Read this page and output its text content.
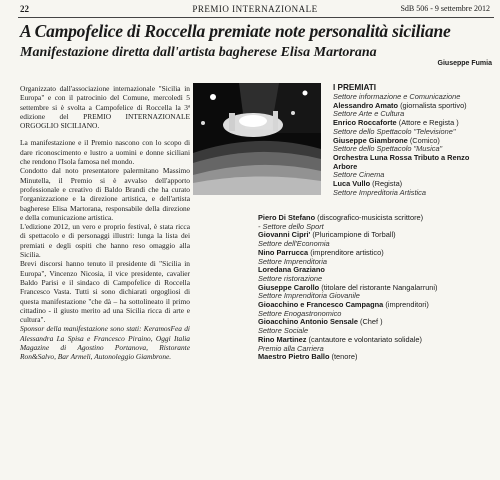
22	PREMIO INTERNAZIONALE	SdB 506 - 9 settembre 2012
A Campofelice di Roccella premiate note personalità siciliane
Manifestazione diretta dall'artista bagherese Elisa Martorana
Giuseppe Fumia

Organizzato dall'associazione internazionale "Sicilia in Europa" e con il patrocinio del Comune, mercoledì 5 settembre si è svolta a Campofelice di Roccella la 3ª edizione del PREMIO INTERNAZIONALE ORGOGLIO SICILIANO.

La manifestazione e il Premio nascono con lo scopo di dare riconoscimento e lustro a uomini e donne siciliani che rendono l'Isola famosa nel mondo.

Condotto dal noto presentatore palermitano Massimo Minutella, il Premio si è avvalso dell'apporto professionale e creativo di Baldo Brandi che ha curato l'organizzazione e la direzione artistica, e dell'artista bagherese Elisa Martorana, responsabile della direzione e della comunicazione artistica.

L'edizione 2012, un vero e proprio festival, è stata ricca di spettacolo e di personaggi illustri: lunga la lista dei premiati e degli ospiti che hanno reso omaggio alla Sicilia.

Brevi discorsi hanno tenuto il presidente di "Sicilia in Europa", Vincenzo Nicosia, il vice presidente, cavalier Baldo Parisi e il sindaco di Campofelice di Roccella Francesco Vasta. Tutti si sono dichiarati orgogliosi di questa manifestazione "che dà – ha sottolineato il primo cittadino - il giusto merito ad una Sicilia ricca di arte e cultura".

Sponsor della manifestazione sono stati: KeramosFea di Alessandra La Spisa e Francesco Piraino, Oggi Italia Magazine di Agostino Portanova, Ristorante Ron&Salvo, Bar Armeli, Autonoleggio Giambrone.

I PREMIATI
Settore informazione e Comunicazione
Alessandro Amato (giornalista sportivo)
Settore Arte e Cultura
Enrico Roccaforte (Attore e Regista )
Settore dello Spettacolo "Televisione"
Giuseppe Giambrone (Comico)
Settore dello Spettacolo "Musica"
Orchestra Luna Rossa Tributo a Renzo Arbore
Settore Cinema
Luca Vullo (Regista)
Settore Impreditoria Artistica
Piero Di Stefano (discografico-musicista scrittore)
- Settore dello Sport
Giovanni Cipri' (Pluricampione di Torball)
Settore dell'Economia
Nino Parrucca (imprenditore artistico)
Settore Imprenditoria
Loredana Graziano
Settore ristorazione
Giuseppe Carollo (titolare del ristorante Nangalarruni)
Settore Imprenditoria Giovanile
Gioacchino e Francesco Campagna (imprenditori)
Settore Enogastronomico
Gioacchino Antonio Sensale (Chef )
Settore Sociale
Rino Martinez (cantautore e volontariato solidale)
Premio alla Carriera
Maestro Pietro Ballo (tenore)
